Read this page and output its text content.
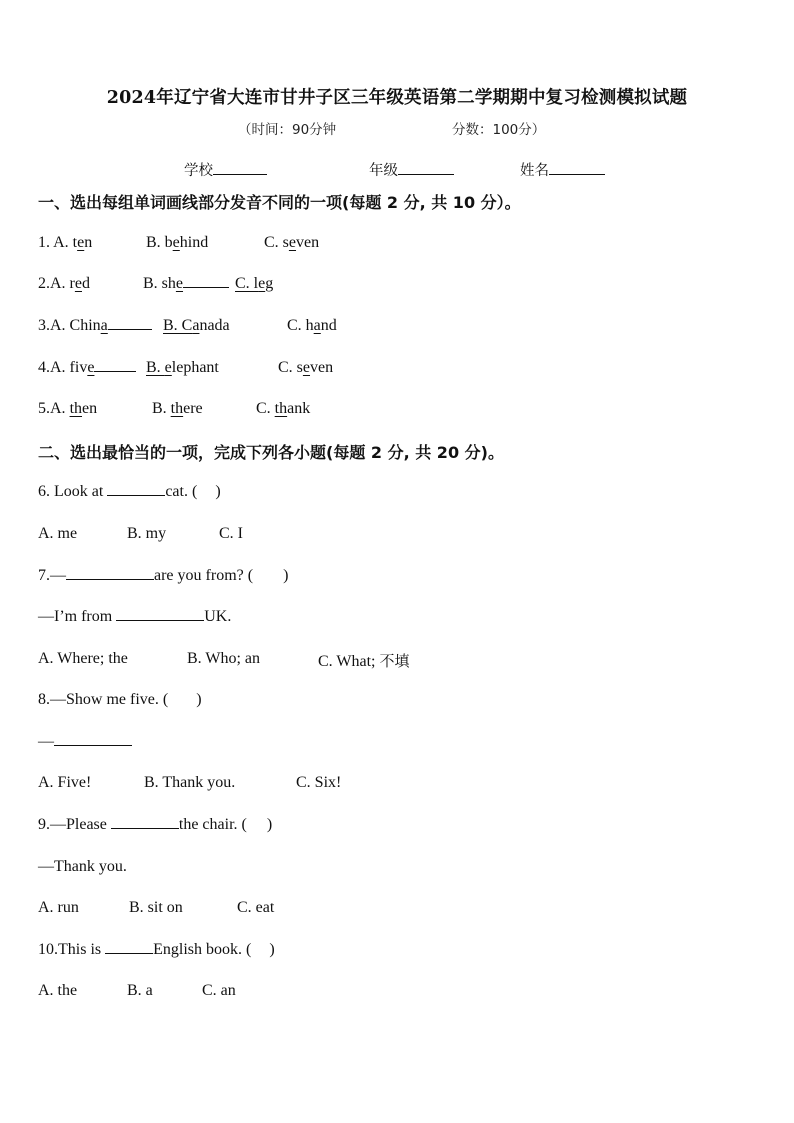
2024年辽宁省大连市甘井子区三年级英语第二学期期中复习检测模拟试题
（时间：90分钟	分数：100分）
学校	年级	姓名
一、选出每组单词画线部分发音不同的一项(每题 2 分, 共 10 分）。
1. A. ten	B. behind	C. seven
2.A. red	B. she	C. leg
3.A. China	B. Canada	C. hand
4.A. five	B. elephant	C. seven
5.A. then	B. there	C. thank
二、选出最恰当的一项，完成下列各小题(每题 2 分, 共 20 分)。
6. Look at	cat. ( )
A. me	B. my	C. I
7.—	are you from? ( )
—I’m from	UK.
A. Where; the	B. Who; an	C. What; 不填
8.—Show me five. ( )
—
A. Five!	B. Thank you.	C. Six!
9.—Please	the chair. ( )
—Thank you.
A. run	B. sit on	C. eat
10.This is	English book. ( )
A. the	B. a	C. an
